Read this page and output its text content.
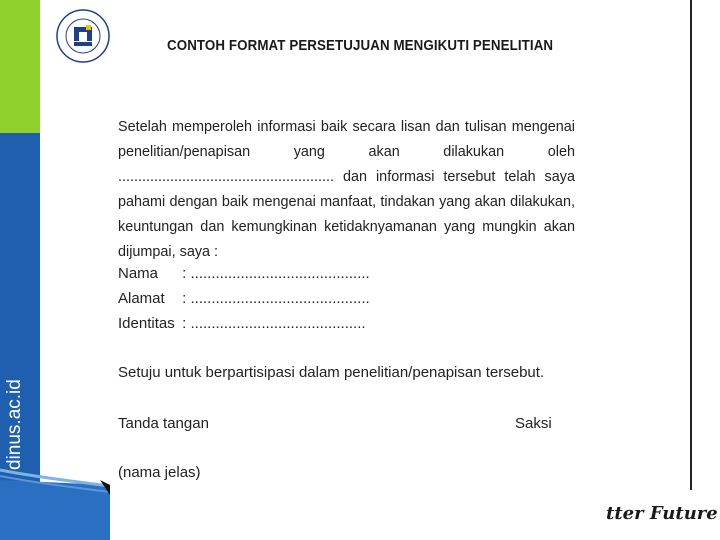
dinus.ac.id
CONTOH FORMAT PERSETUJUAN MENGIKUTI PENELITIAN

Setelah memperoleh informasi baik secara lisan dan tulisan mengenai penelitian/penapisan yang akan dilakukan oleh ...................................................... dan informasi tersebut telah saya pahami dengan baik mengenai manfaat, tindakan yang akan dilakukan, keuntungan dan kemungkinan ketidaknyamanan yang mungkin akan dijumpai, saya :

Nama : ...........................................
Alamat : ...........................................
Identitas : ..........................................
Setuju untuk berpartisipasi dalam penelitian/penapisan tersebut.
Tanda tangan	Saksi
(nama jelas)
tter Future
